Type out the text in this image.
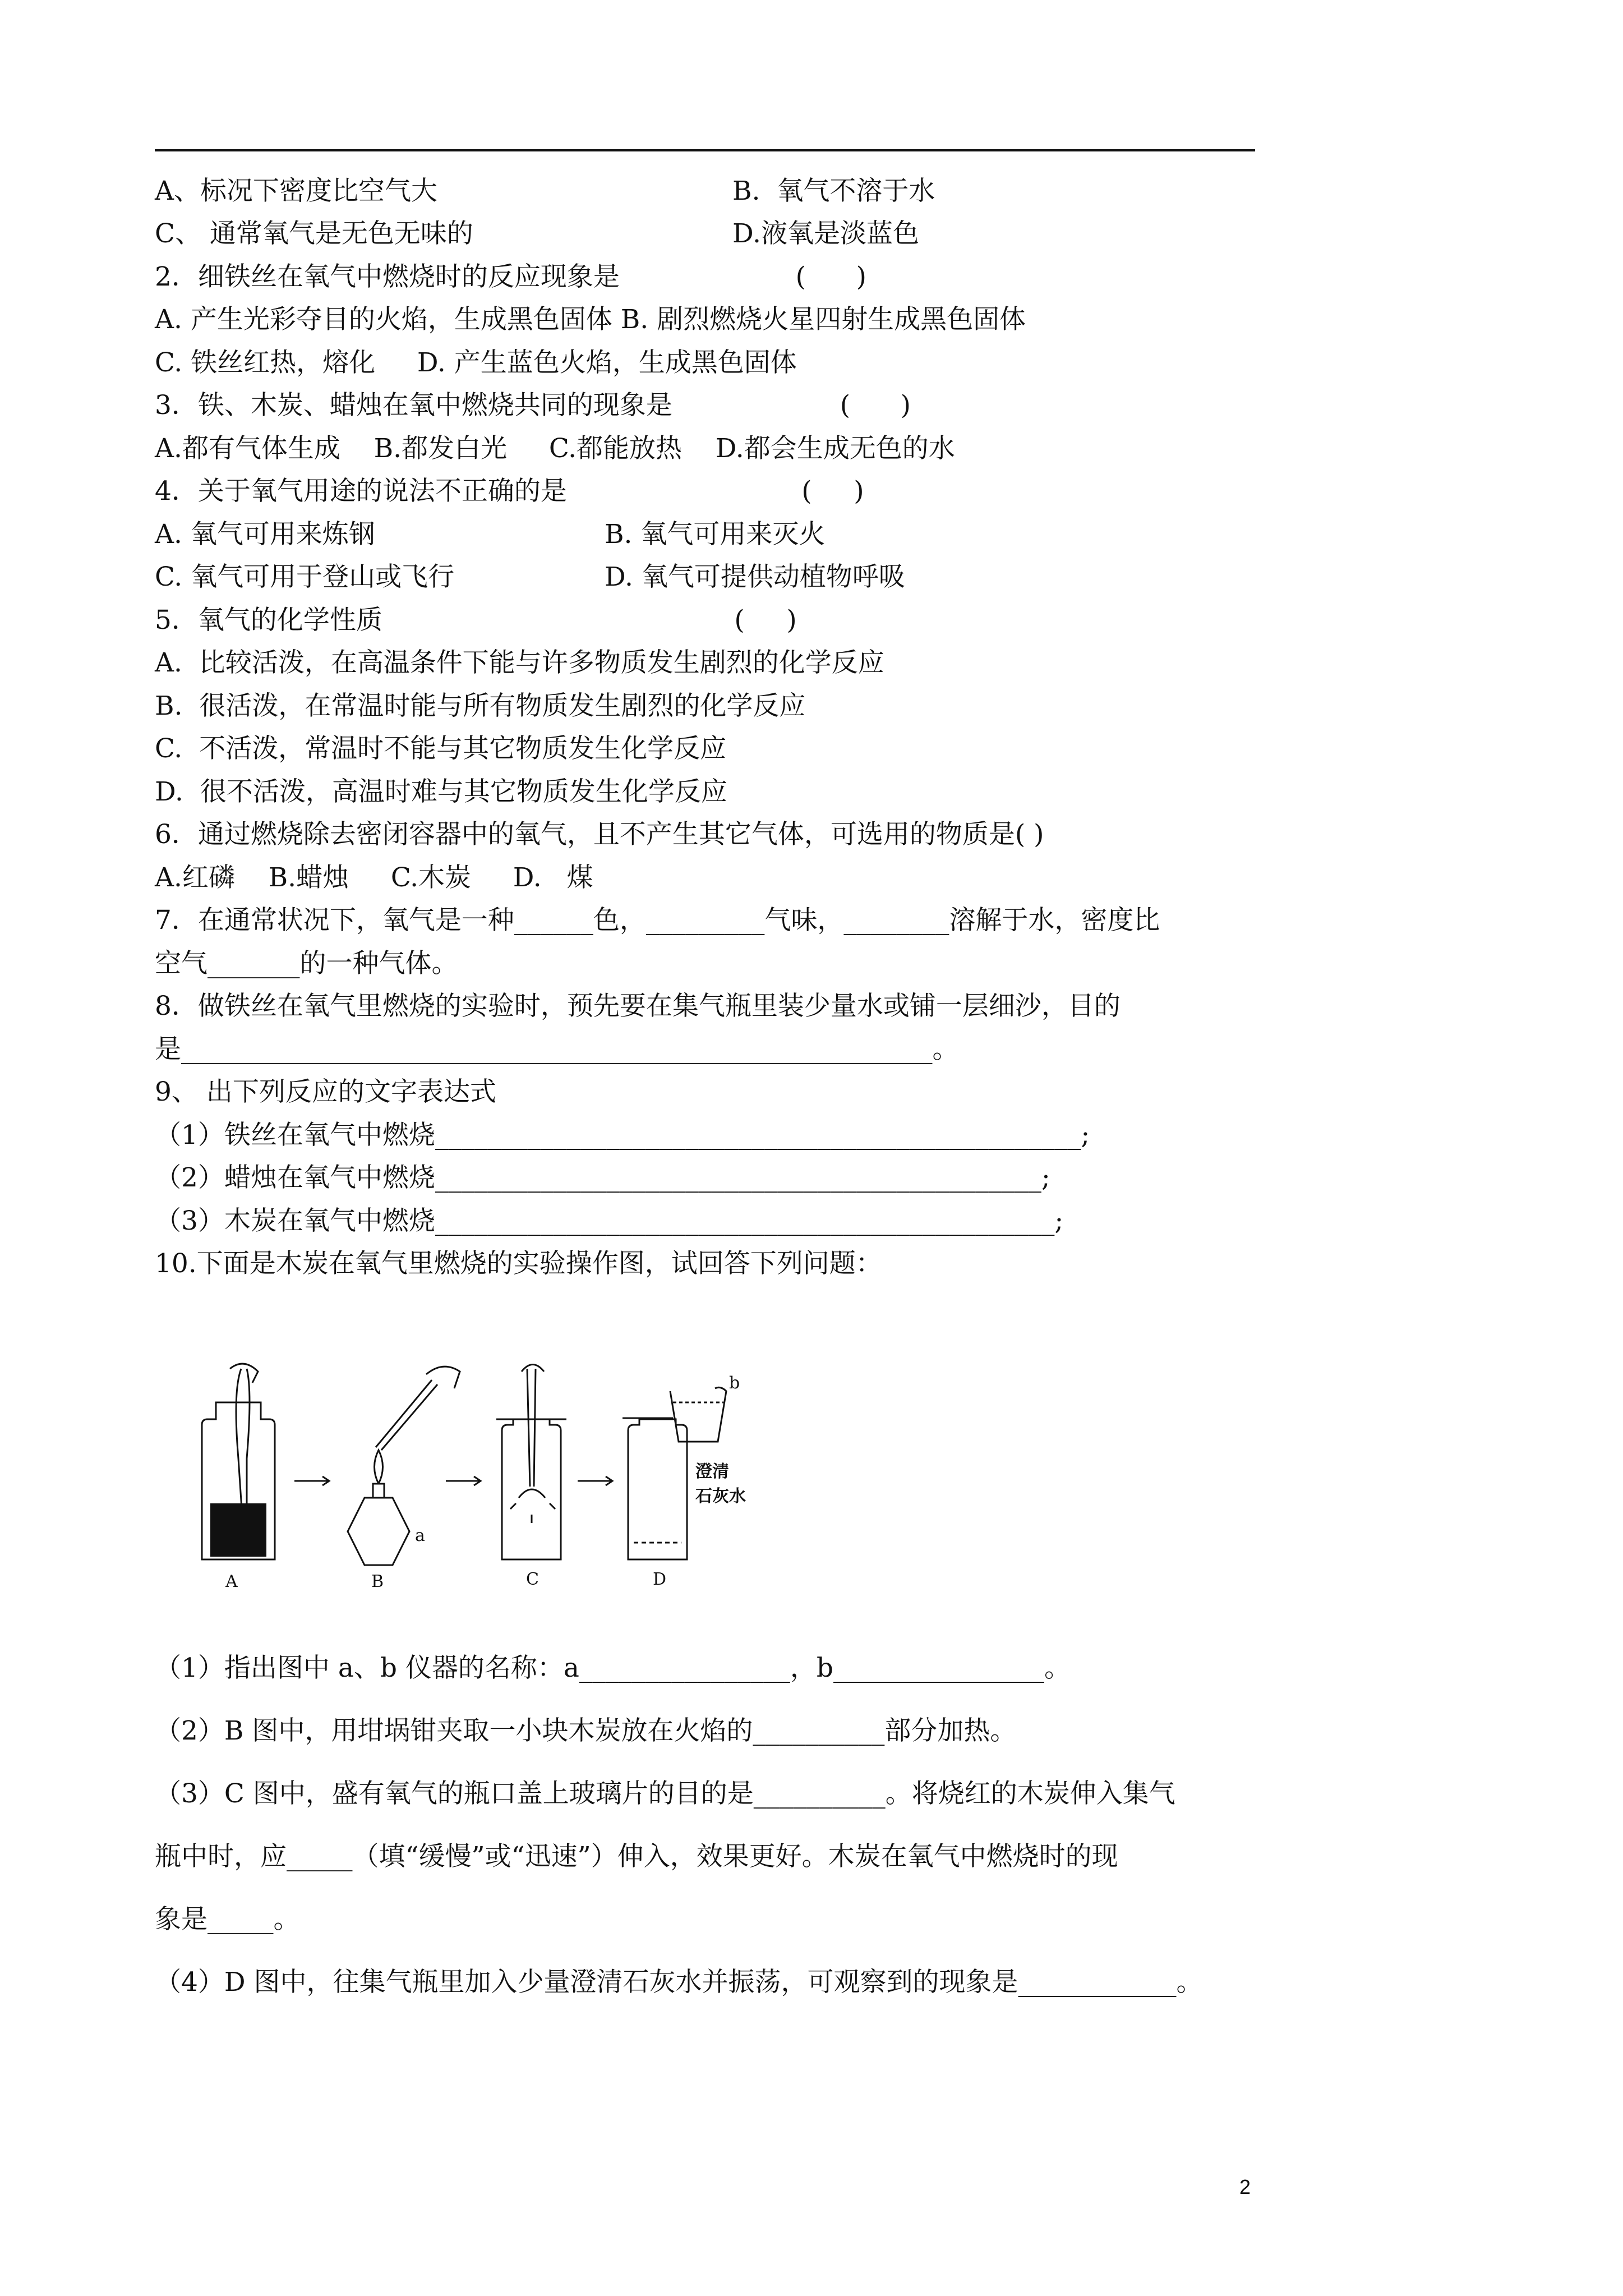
A、标况下密度比空气大	B.  氧气不溶于水
C、 通常氧气是无色无味的	D.液氧是淡蓝色
2．细铁丝在氧气中燃烧时的反应现象是                     (      )
A. 产生光彩夺目的火焰，生成黑色固体 B. 剧烈燃烧火星四射生成黑色固体
C. 铁丝红热，熔化     D. 产生蓝色火焰，生成黑色固体
3．铁、木炭、蜡烛在氧中燃烧共同的现象是                    (      )
A.都有气体生成    B.都发白光     C.都能放热    D.都会生成无色的水
4．关于氧气用途的说法不正确的是                            (     )
A. 氧气可用来炼钢	B. 氧气可用来灭火
C. 氧气可用于登山或飞行	D. 氧气可提供动植物呼吸
5．氧气的化学性质                                          (     )
A.  比较活泼，在高温条件下能与许多物质发生剧烈的化学反应
B.  很活泼，在常温时能与所有物质发生剧烈的化学反应
C.  不活泼，常温时不能与其它物质发生化学反应
D.  很不活泼，高温时难与其它物质发生化学反应
6．通过燃烧除去密闭容器中的氧气，且不产生其它气体，可选用的物质是( )
A.红磷    B.蜡烛     C.木炭     D.   煤
7．在通常状况下，氧气是一种______色，_________气味，________溶解于水，密度比
空气_______的一种气体。
8．做铁丝在氧气里燃烧的实验时，预先要在集气瓶里装少量水或铺一层细沙，目的
是_________________________________________________________。
9、 出下列反应的文字表达式
（1）铁丝在氧气中燃烧_________________________________________________;
（2）蜡烛在氧气中燃烧______________________________________________;
（3）木炭在氧气中燃烧_______________________________________________;
10.下面是木炭在氧气里燃烧的实验操作图，试回答下列问题：
A	B	C	D
a
b
澄清
石灰水
（1）指出图中 a、b 仪器的名称：a________________，b________________。
（2）B 图中，用坩埚钳夹取一小块木炭放在火焰的__________部分加热。
（3）C 图中，盛有氧气的瓶口盖上玻璃片的目的是__________。将烧红的木炭伸入集气
瓶中时，应_____（填“缓慢”或“迅速”）伸入，效果更好。木炭在氧气中燃烧时的现
象是_____。
（4）D 图中，往集气瓶里加入少量澄清石灰水并振荡，可观察到的现象是____________。
2
